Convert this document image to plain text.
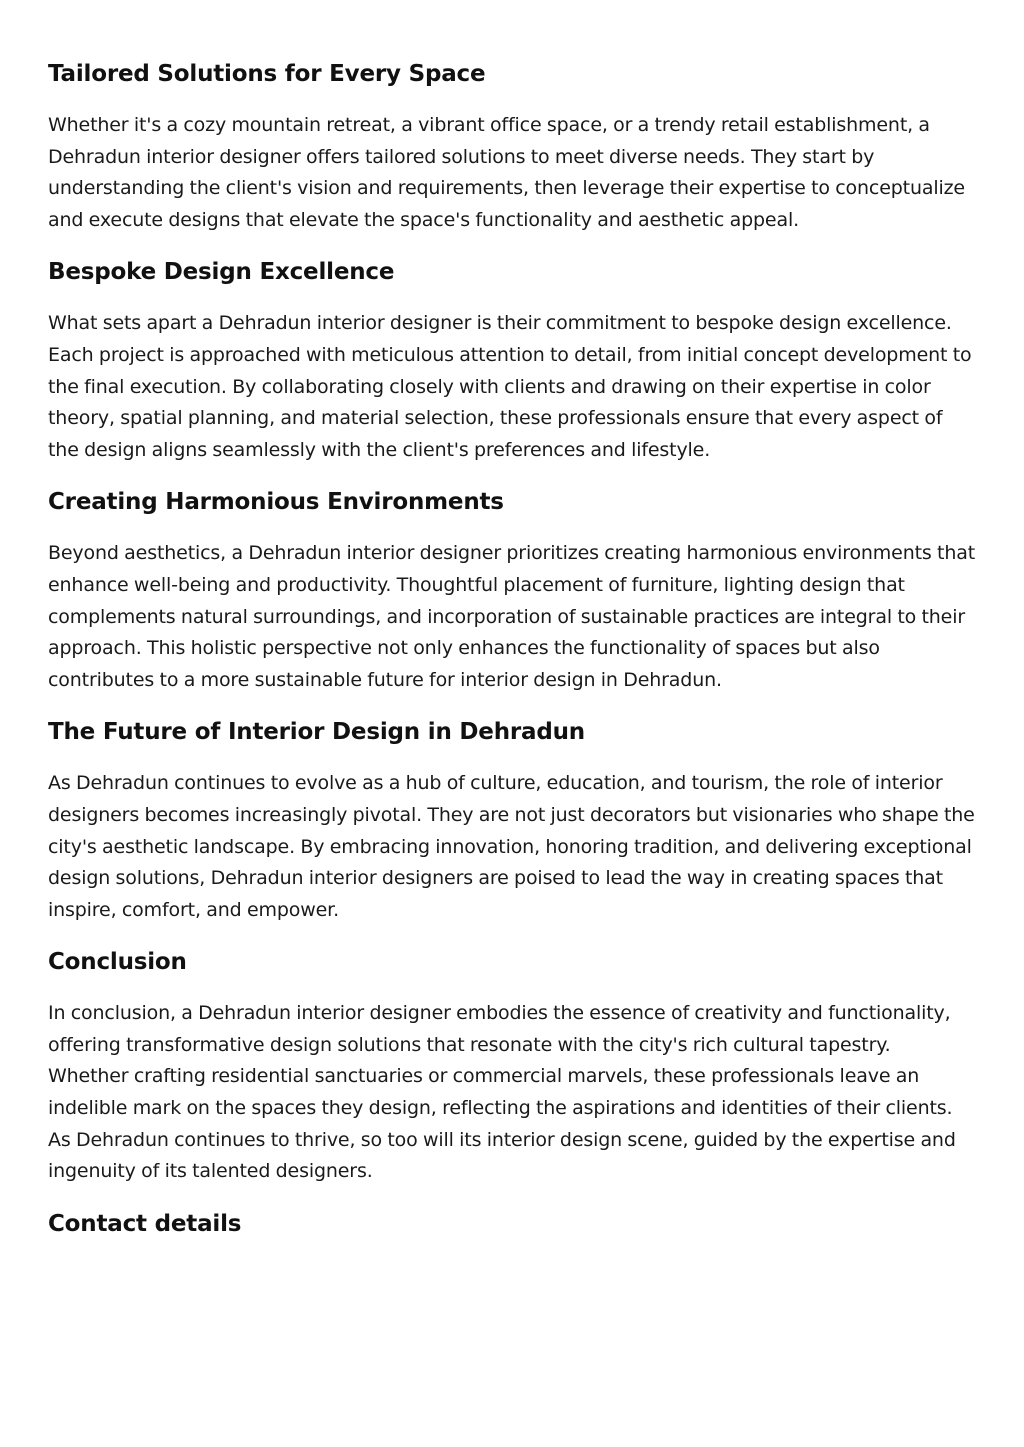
Tailored Solutions for Every Space

Whether it's a cozy mountain retreat, a vibrant office space, or a trendy retail establishment, a Dehradun interior designer offers tailored solutions to meet diverse needs. They start by understanding the client's vision and requirements, then leverage their expertise to conceptualize and execute designs that elevate the space's functionality and aesthetic appeal.

Bespoke Design Excellence

What sets apart a Dehradun interior designer is their commitment to bespoke design excellence. Each project is approached with meticulous attention to detail, from initial concept development to the final execution. By collaborating closely with clients and drawing on their expertise in color theory, spatial planning, and material selection, these professionals ensure that every aspect of the design aligns seamlessly with the client's preferences and lifestyle.

Creating Harmonious Environments

Beyond aesthetics, a Dehradun interior designer prioritizes creating harmonious environments that enhance well-being and productivity. Thoughtful placement of furniture, lighting design that complements natural surroundings, and incorporation of sustainable practices are integral to their approach. This holistic perspective not only enhances the functionality of spaces but also contributes to a more sustainable future for interior design in Dehradun.

The Future of Interior Design in Dehradun

As Dehradun continues to evolve as a hub of culture, education, and tourism, the role of interior designers becomes increasingly pivotal. They are not just decorators but visionaries who shape the city's aesthetic landscape. By embracing innovation, honoring tradition, and delivering exceptional design solutions, Dehradun interior designers are poised to lead the way in creating spaces that inspire, comfort, and empower.

Conclusion

In conclusion, a Dehradun interior designer embodies the essence of creativity and functionality, offering transformative design solutions that resonate with the city's rich cultural tapestry. Whether crafting residential sanctuaries or commercial marvels, these professionals leave an indelible mark on the spaces they design, reflecting the aspirations and identities of their clients. As Dehradun continues to thrive, so too will its interior design scene, guided by the expertise and ingenuity of its talented designers.

Contact details
